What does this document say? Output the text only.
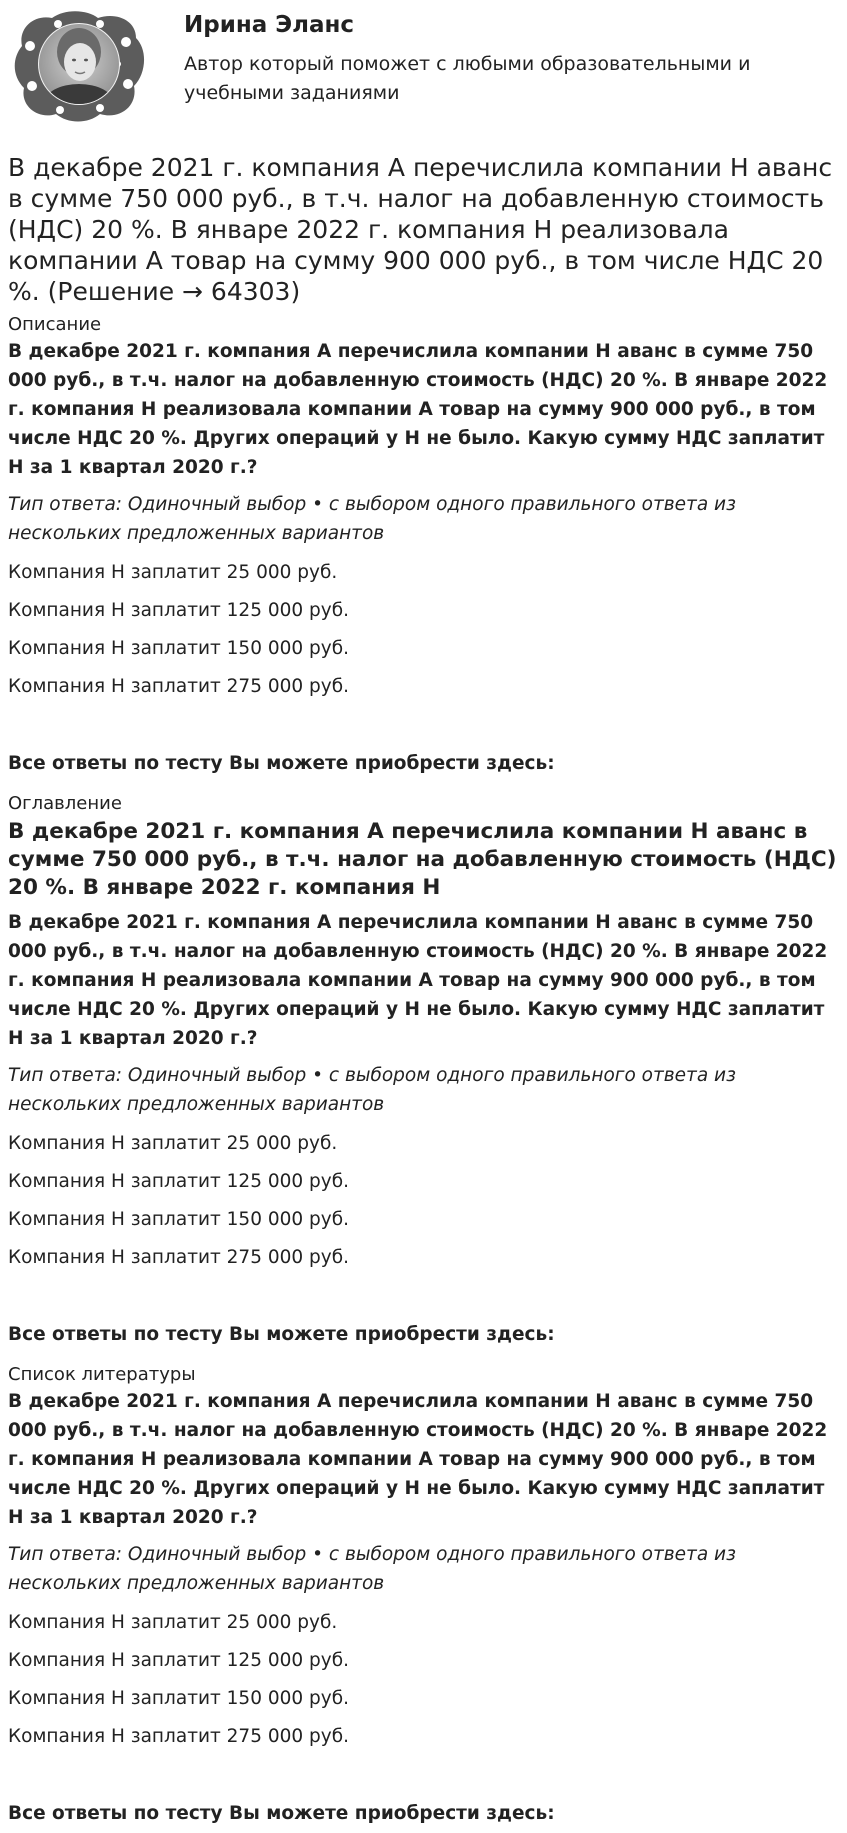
Ирина Эланс
Автор который поможет с любыми образовательными и учебными заданиями
В декабре 2021 г. компания А перечислила компании Н аванс в сумме 750 000 руб., в т.ч. налог на добавленную стоимость (НДС) 20 %. В январе 2022 г. компания Н реализовала компании А товар на сумму 900 000 руб., в том числе НДС 20 %. (Решение → 64303)
Описание

В декабре 2021 г. компания А перечислила компании Н аванс в сумме 750 000 руб., в т.ч. налог на добавленную стоимость (НДС) 20 %. В январе 2022 г. компания Н реализовала компании А товар на сумму 900 000 руб., в том числе НДС 20 %. Других операций у Н не было. Какую сумму НДС заплатит Н за 1 квартал 2020 г.?

Тип ответа: Одиночный выбор • с выбором одного правильного ответа из нескольких предложенных вариантов

Компания Н заплатит 25 000 руб.

Компания Н заплатит 125 000 руб.

Компания Н заплатит 150 000 руб.

Компания Н заплатит 275 000 руб.

Все ответы по тесту Вы можете приобрести здесь:

Оглавление
В декабре 2021 г. компания А перечислила компании Н аванс в сумме 750 000 руб., в т.ч. налог на добавленную стоимость (НДС) 20 %. В январе 2022 г. компания Н

В декабре 2021 г. компания А перечислила компании Н аванс в сумме 750 000 руб., в т.ч. налог на добавленную стоимость (НДС) 20 %. В январе 2022 г. компания Н реализовала компании А товар на сумму 900 000 руб., в том числе НДС 20 %. Других операций у Н не было. Какую сумму НДС заплатит Н за 1 квартал 2020 г.?

Тип ответа: Одиночный выбор • с выбором одного правильного ответа из нескольких предложенных вариантов

Компания Н заплатит 25 000 руб.

Компания Н заплатит 125 000 руб.

Компания Н заплатит 150 000 руб.

Компания Н заплатит 275 000 руб.

Все ответы по тесту Вы можете приобрести здесь:

Список литературы

В декабре 2021 г. компания А перечислила компании Н аванс в сумме 750 000 руб., в т.ч. налог на добавленную стоимость (НДС) 20 %. В январе 2022 г. компания Н реализовала компании А товар на сумму 900 000 руб., в том числе НДС 20 %. Других операций у Н не было. Какую сумму НДС заплатит Н за 1 квартал 2020 г.?

Тип ответа: Одиночный выбор • с выбором одного правильного ответа из нескольких предложенных вариантов

Компания Н заплатит 25 000 руб.

Компания Н заплатит 125 000 руб.

Компания Н заплатит 150 000 руб.

Компания Н заплатит 275 000 руб.

Все ответы по тесту Вы можете приобрести здесь:
